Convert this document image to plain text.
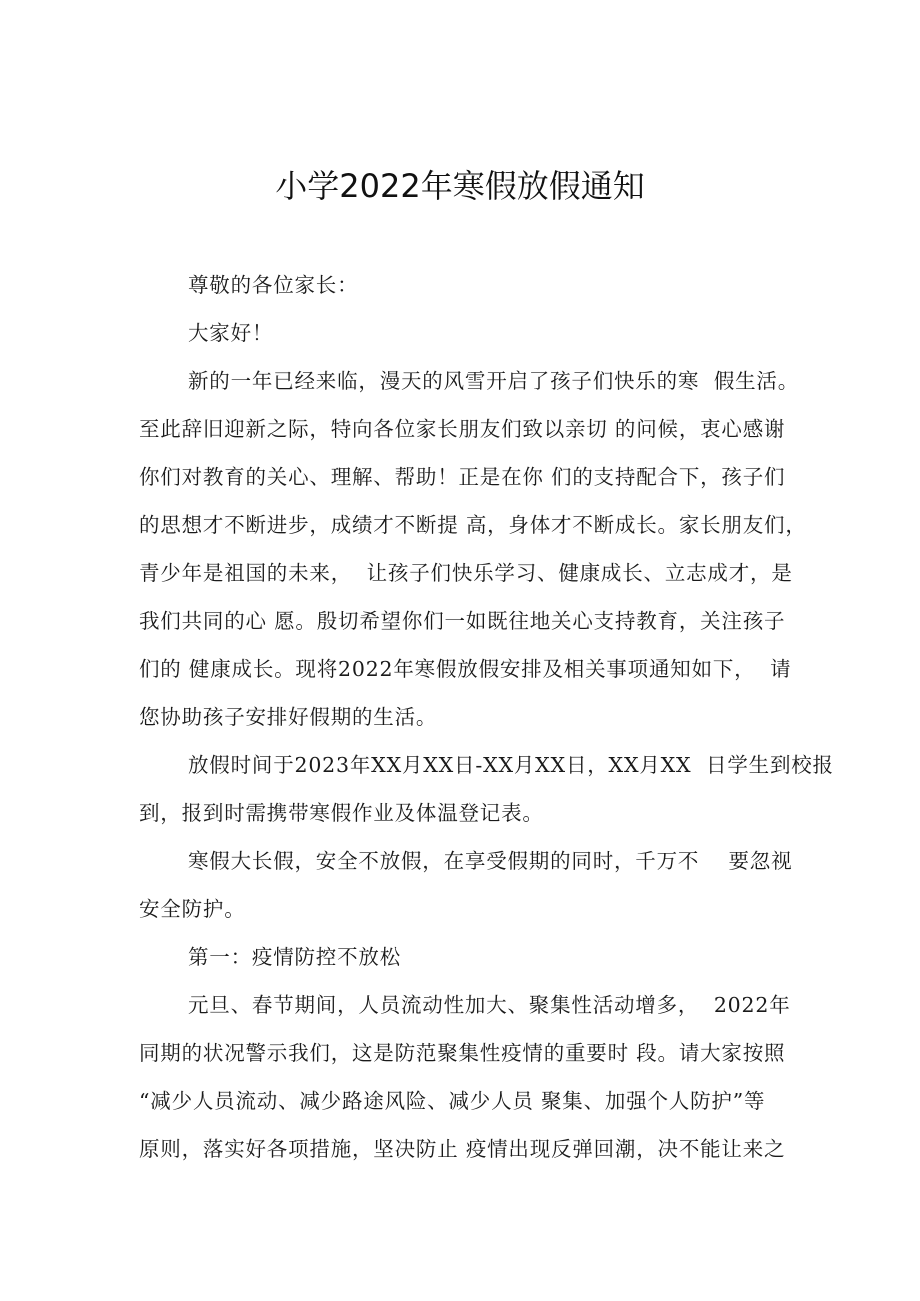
小学2022年寒假放假通知
尊敬的各位家长：
大家好！
新的一年已经来临，漫天的风雪开启了孩子们快乐的寒  假生活。
至此辞旧迎新之际，特向各位家长朋友们致以亲切 的问候，衷心感谢
你们对教育的关心、理解、帮助！正是在你 们的支持配合下，孩子们
的思想才不断进步，成绩才不断提 高，身体才不断成长。家长朋友们，
青少年是祖国的未来，  让孩子们快乐学习、健康成长、立志成才，是
我们共同的心 愿。殷切希望你们一如既往地关心支持教育，关注孩子
们的 健康成长。现将2022年寒假放假安排及相关事项通知如下，  请
您协助孩子安排好假期的生活。
放假时间于2023年XX月XX日-XX月XX日，XX月XX  日学生到校报
到，报到时需携带寒假作业及体温登记表。
寒假大长假，安全不放假，在享受假期的同时，千万不    要忽视
安全防护。
第一：疫情防控不放松
元旦、春节期间，人员流动性加大、聚集性活动增多，  2022年
同期的状况警示我们，这是防范聚集性疫情的重要时 段。请大家按照
“减少人员流动、减少路途风险、减少人员 聚集、加强个人防护”等
原则，落实好各项措施，坚决防止 疫情出现反弹回潮，决不能让来之
